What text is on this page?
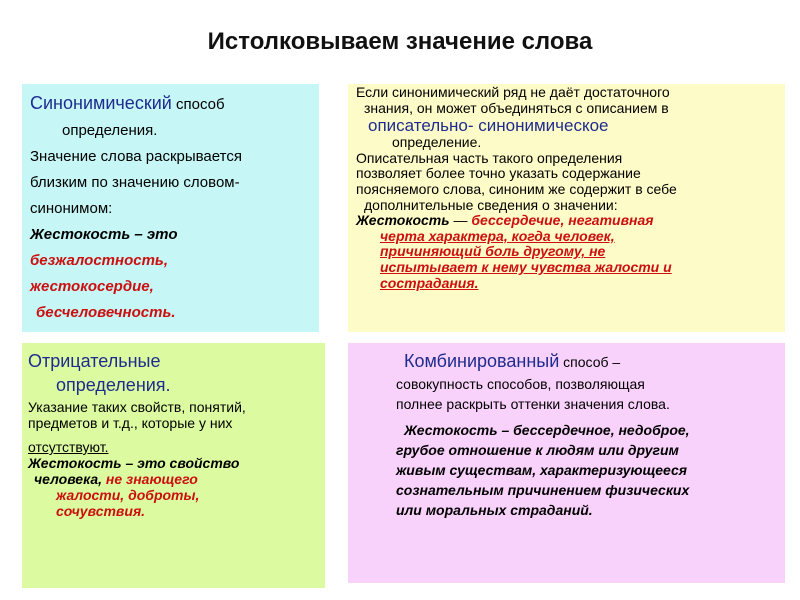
Истолковываем значение слова
Синонимический способ
определения.
Значение слова раскрывается
близким по значению словом-
синонимом:
Жестокость – это
безжалостность,
жестокосердие,
бесчеловечность.
Если синонимический ряд не даёт достаточного
знания, он может объединяться с описанием в
описательно- синонимическое
определение.
Описательная часть такого определения
позволяет более точно указать содержание
поясняемого слова, синоним же содержит в себе
дополнительные сведения о значении:
Жестокость — бессердечие, негативная
черта характера, когда человек,
причиняющий боль другому, не
испытывает к нему чувства жалости и
сострадания.
Отрицательные
определения.
Указание таких свойств, понятий,
предметов и т.д., которые у них
отсутствуют.
Жестокость – это свойство
человека, не знающего
жалости, доброты,
сочувствия.
Комбинированный способ –
совокупность способов, позволяющая
полнее раскрыть оттенки значения слова.
Жестокость – бессердечное, недоброе,
грубое отношение к людям или другим
живым существам, характеризующееся
сознательным причинением физических
или моральных страданий.
